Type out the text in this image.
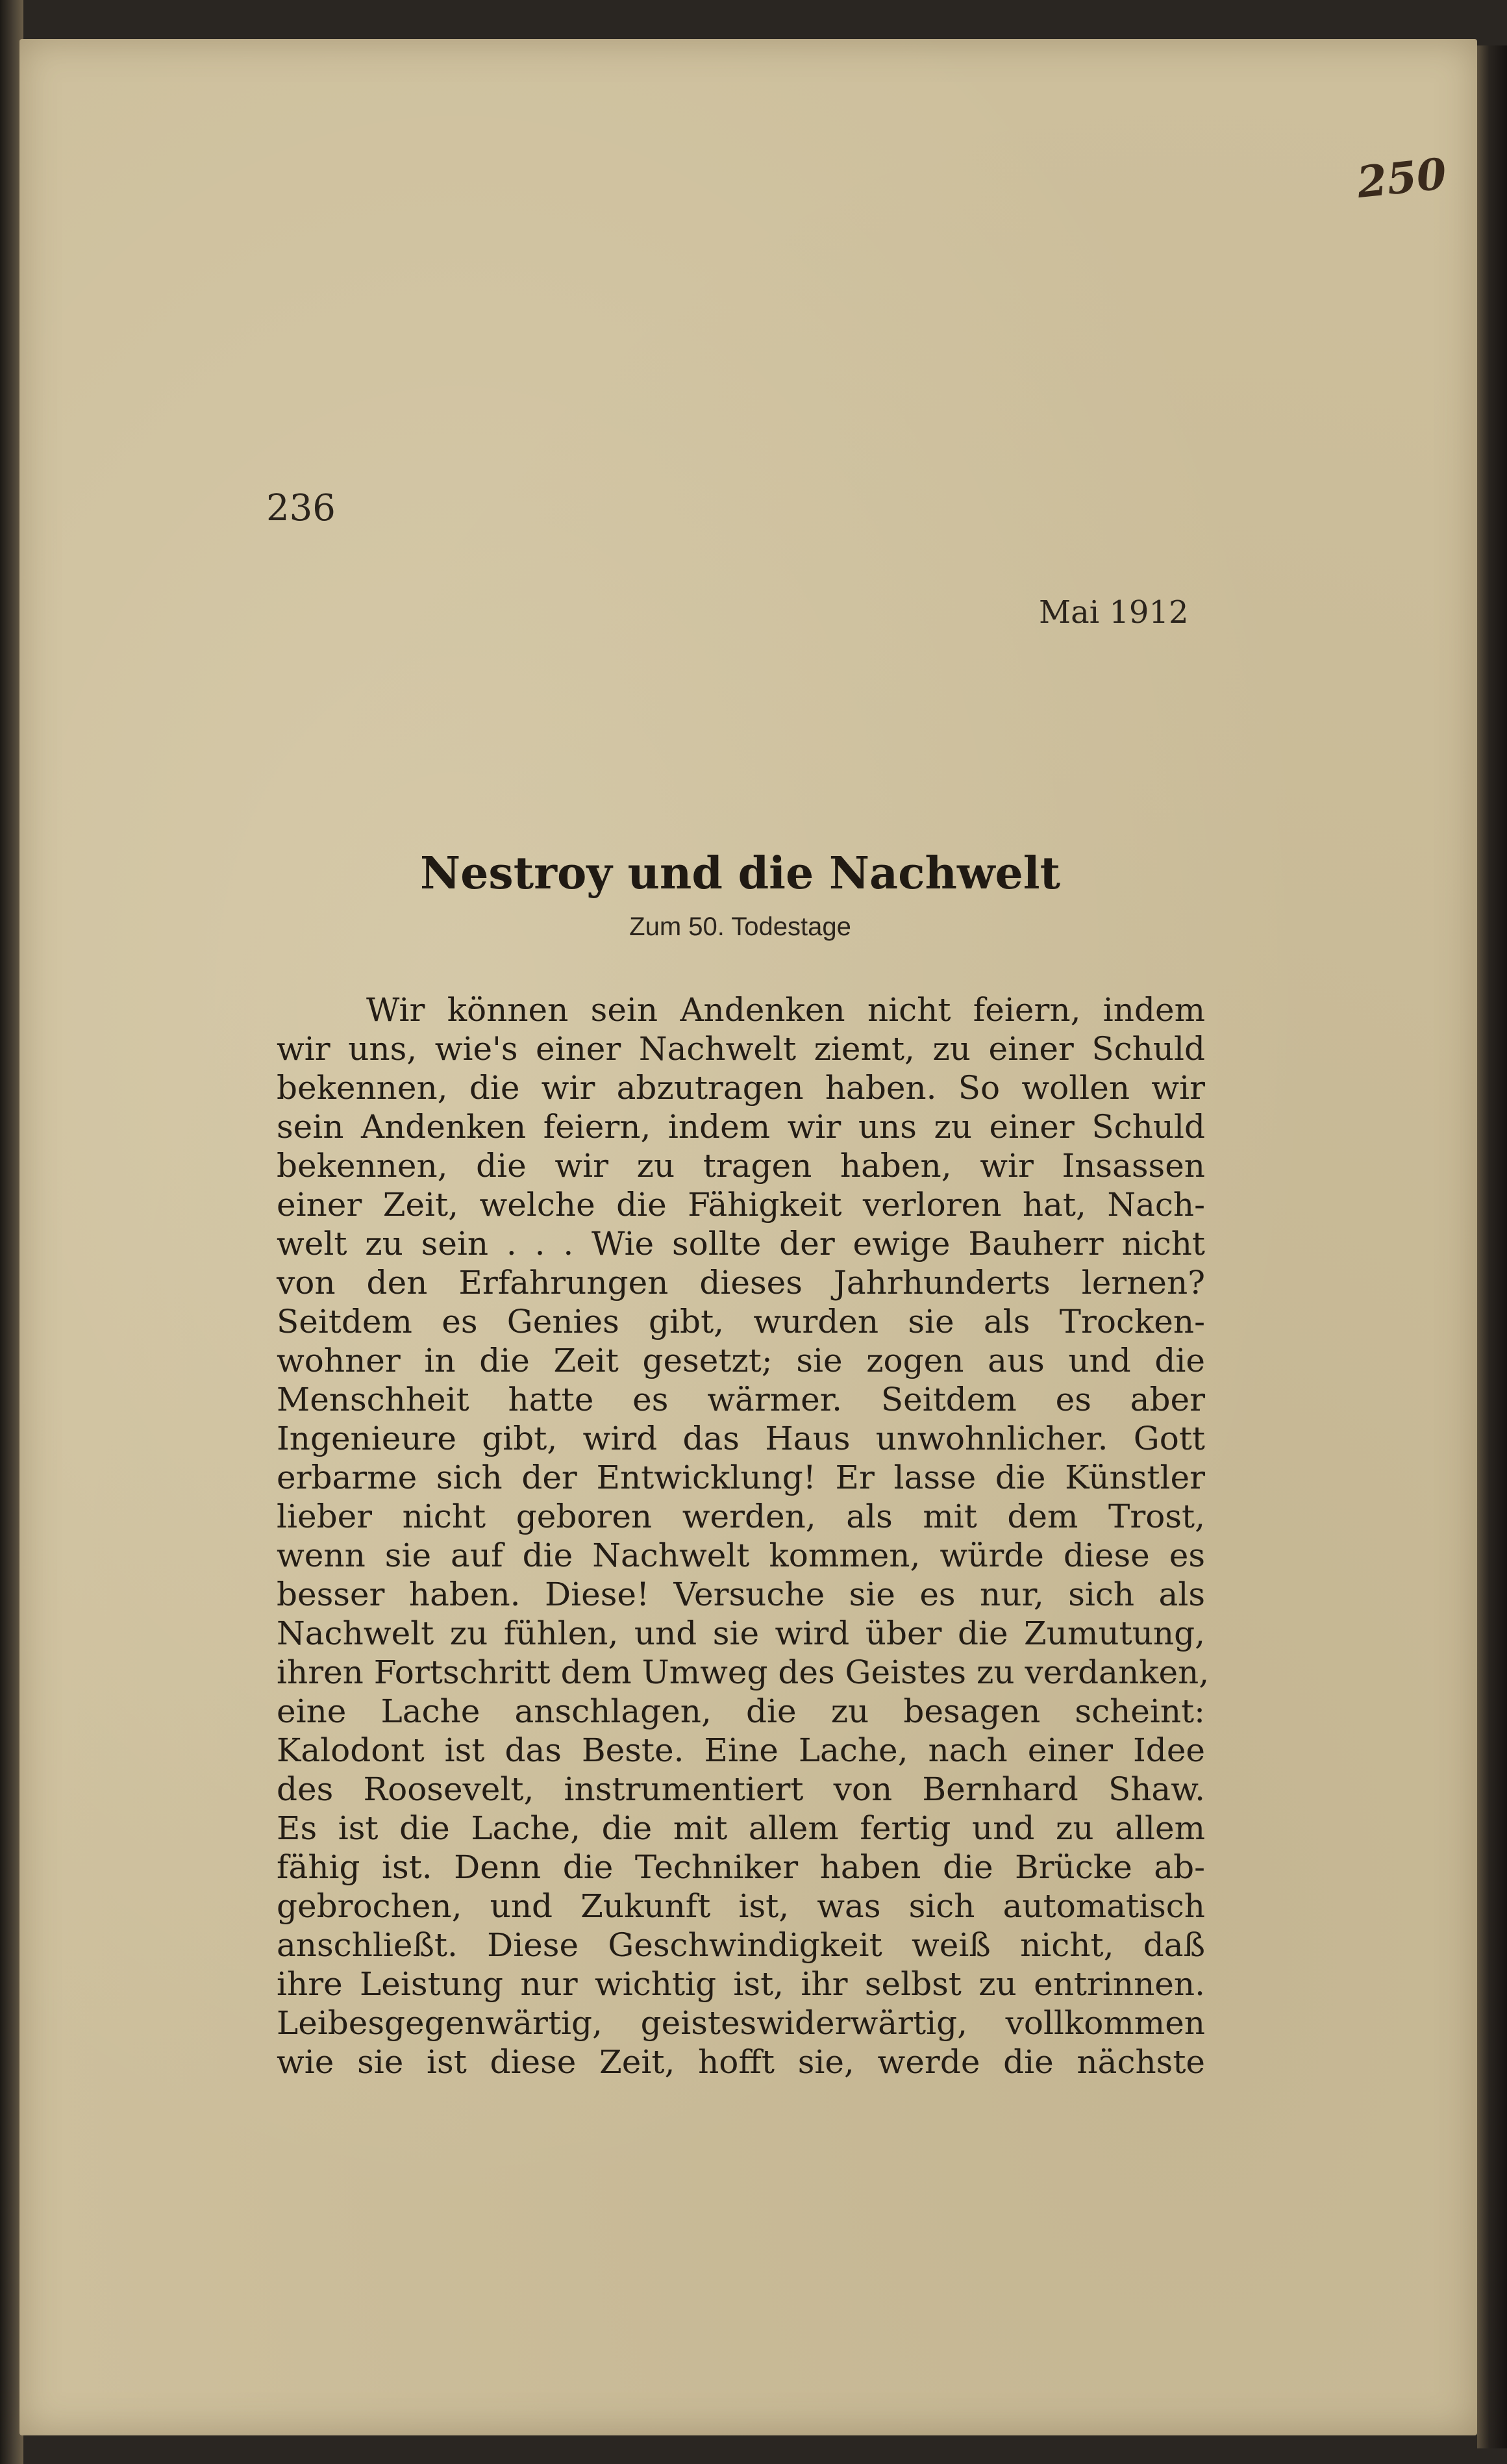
250
236
Mai 1912
Nestroy und die Nachwelt
Zum 50. Todestage
Wir können sein Andenken nicht feiern, indem
wir uns, wie's einer Nachwelt ziemt, zu einer Schuld
bekennen, die wir abzutragen haben. So wollen wir
sein Andenken feiern, indem wir uns zu einer Schuld
bekennen, die wir zu tragen haben, wir Insassen
einer Zeit, welche die Fähigkeit verloren hat, Nach-
welt zu sein . . . Wie sollte der ewige Bauherr nicht
von den Erfahrungen dieses Jahrhunderts lernen?
Seitdem es Genies gibt, wurden sie als Trocken-
wohner in die Zeit gesetzt; sie zogen aus und die
Menschheit hatte es wärmer. Seitdem es aber
Ingenieure gibt, wird das Haus unwohnlicher. Gott
erbarme sich der Entwicklung! Er lasse die Künstler
lieber nicht geboren werden, als mit dem Trost,
wenn sie auf die Nachwelt kommen, würde diese es
besser haben. Diese! Versuche sie es nur, sich als
Nachwelt zu fühlen, und sie wird über die Zumutung,
ihren Fortschritt dem Umweg des Geistes zu verdanken,
eine Lache anschlagen, die zu besagen scheint:
Kalodont ist das Beste. Eine Lache, nach einer Idee
des Roosevelt, instrumentiert von Bernhard Shaw.
Es ist die Lache, die mit allem fertig und zu allem
fähig ist. Denn die Techniker haben die Brücke ab-
gebrochen, und Zukunft ist, was sich automatisch
anschließt. Diese Geschwindigkeit weiß nicht, daß
ihre Leistung nur wichtig ist, ihr selbst zu entrinnen.
Leibesgegenwärtig, geisteswiderwärtig, vollkommen
wie sie ist diese Zeit, hofft sie, werde die nächste
